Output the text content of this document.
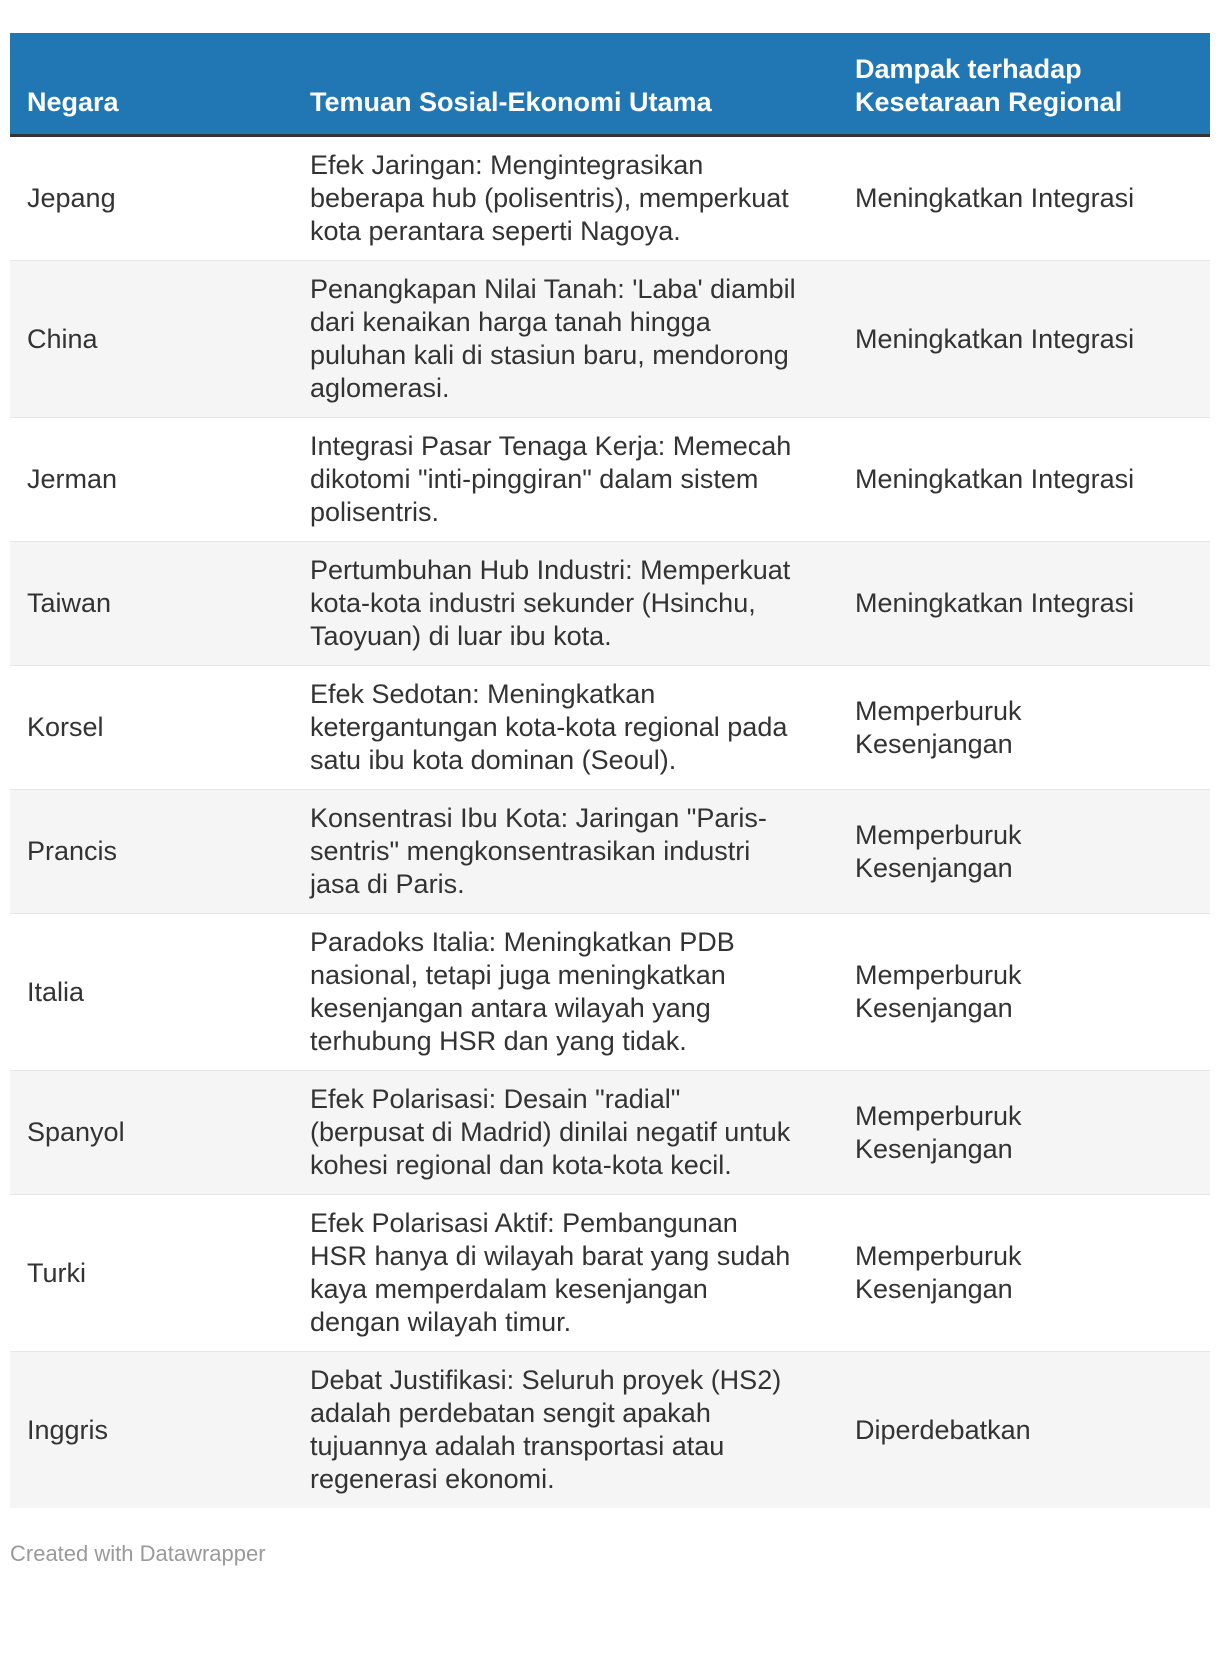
Negara	Temuan Sosial-Ekonomi Utama	Dampak terhadap Kesetaraan Regional
Jepang	Efek Jaringan: Mengintegrasikan beberapa hub (polisentris), memperkuat kota perantara seperti Nagoya.	Meningkatkan Integrasi

China	Penangkapan Nilai Tanah: 'Laba' diambil dari kenaikan harga tanah hingga puluhan kali di stasiun baru, mendorong aglomerasi.	Meningkatkan Integrasi

Jerman	Integrasi Pasar Tenaga Kerja: Memecah dikotomi "inti-pinggiran" dalam sistem polisentris.	Meningkatkan Integrasi

Taiwan	Pertumbuhan Hub Industri: Memperkuat kota-kota industri sekunder (Hsinchu, Taoyuan) di luar ibu kota.	Meningkatkan Integrasi

Korsel	Efek Sedotan: Meningkatkan ketergantungan kota-kota regional pada satu ibu kota dominan (Seoul).	Memperburuk Kesenjangan

Prancis	Konsentrasi Ibu Kota: Jaringan "Paris-sentris" mengkonsentrasikan industri jasa di Paris.	Memperburuk Kesenjangan

Italia	Paradoks Italia: Meningkatkan PDB nasional, tetapi juga meningkatkan kesenjangan antara wilayah yang terhubung HSR dan yang tidak.	Memperburuk Kesenjangan

Spanyol	Efek Polarisasi: Desain "radial" (berpusat di Madrid) dinilai negatif untuk kohesi regional dan kota-kota kecil.	Memperburuk Kesenjangan

Turki	Efek Polarisasi Aktif: Pembangunan HSR hanya di wilayah barat yang sudah kaya memperdalam kesenjangan dengan wilayah timur.	Memperburuk Kesenjangan

Inggris	Debat Justifikasi: Seluruh proyek (HS2) adalah perdebatan sengit apakah tujuannya adalah transportasi atau regenerasi ekonomi.	Diperdebatkan
Created with Datawrapper
